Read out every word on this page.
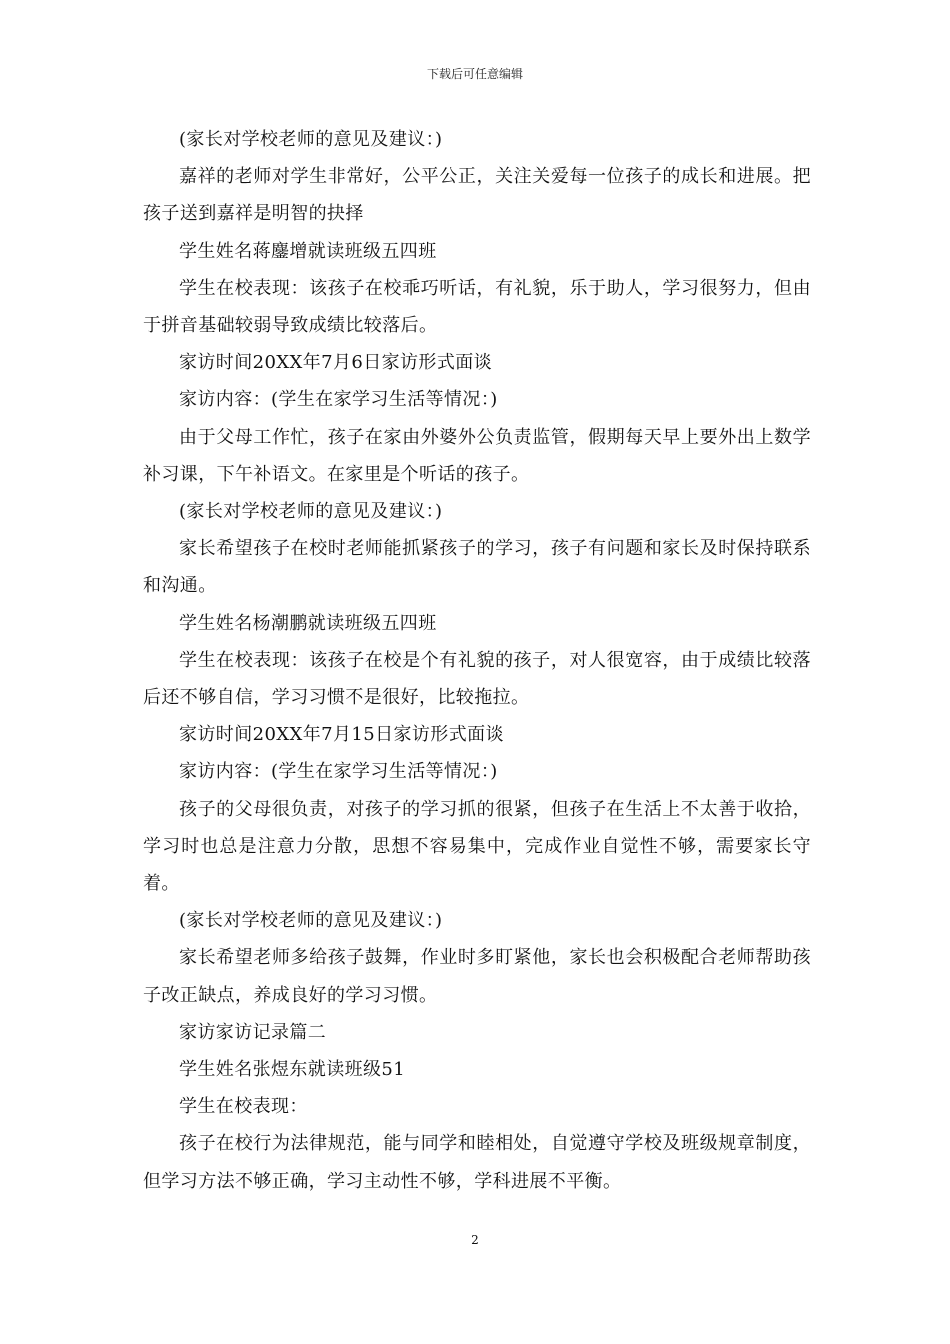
下载后可任意编辑

(家长对学校老师的意见及建议：)

嘉祥的老师对学生非常好，公平公正，关注关爱每一位孩子的成长和进展。把孩子送到嘉祥是明智的抉择

学生姓名蒋鏖增就读班级五四班

学生在校表现：该孩子在校乖巧听话，有礼貌，乐于助人，学习很努力，但由于拼音基础较弱导致成绩比较落后。

家访时间20XX年7月6日家访形式面谈

家访内容：(学生在家学习生活等情况：)

由于父母工作忙，孩子在家由外婆外公负责监管，假期每天早上要外出上数学补习课，下午补语文。在家里是个听话的孩子。

(家长对学校老师的意见及建议：)

家长希望孩子在校时老师能抓紧孩子的学习，孩子有问题和家长及时保持联系和沟通。

学生姓名杨潮鹏就读班级五四班

学生在校表现：该孩子在校是个有礼貌的孩子，对人很宽容，由于成绩比较落后还不够自信，学习习惯不是很好，比较拖拉。

家访时间20XX年7月15日家访形式面谈

家访内容：(学生在家学习生活等情况：)

孩子的父母很负责，对孩子的学习抓的很紧，但孩子在生活上不太善于收拾，学习时也总是注意力分散，思想不容易集中，完成作业自觉性不够，需要家长守着。

(家长对学校老师的意见及建议：)

家长希望老师多给孩子鼓舞，作业时多盯紧他，家长也会积极配合老师帮助孩子改正缺点，养成良好的学习习惯。

家访家访记录篇二

学生姓名张煜东就读班级51

学生在校表现：

孩子在校行为法律规范，能与同学和睦相处，自觉遵守学校及班级规章制度，但学习方法不够正确，学习主动性不够，学科进展不平衡。

2
